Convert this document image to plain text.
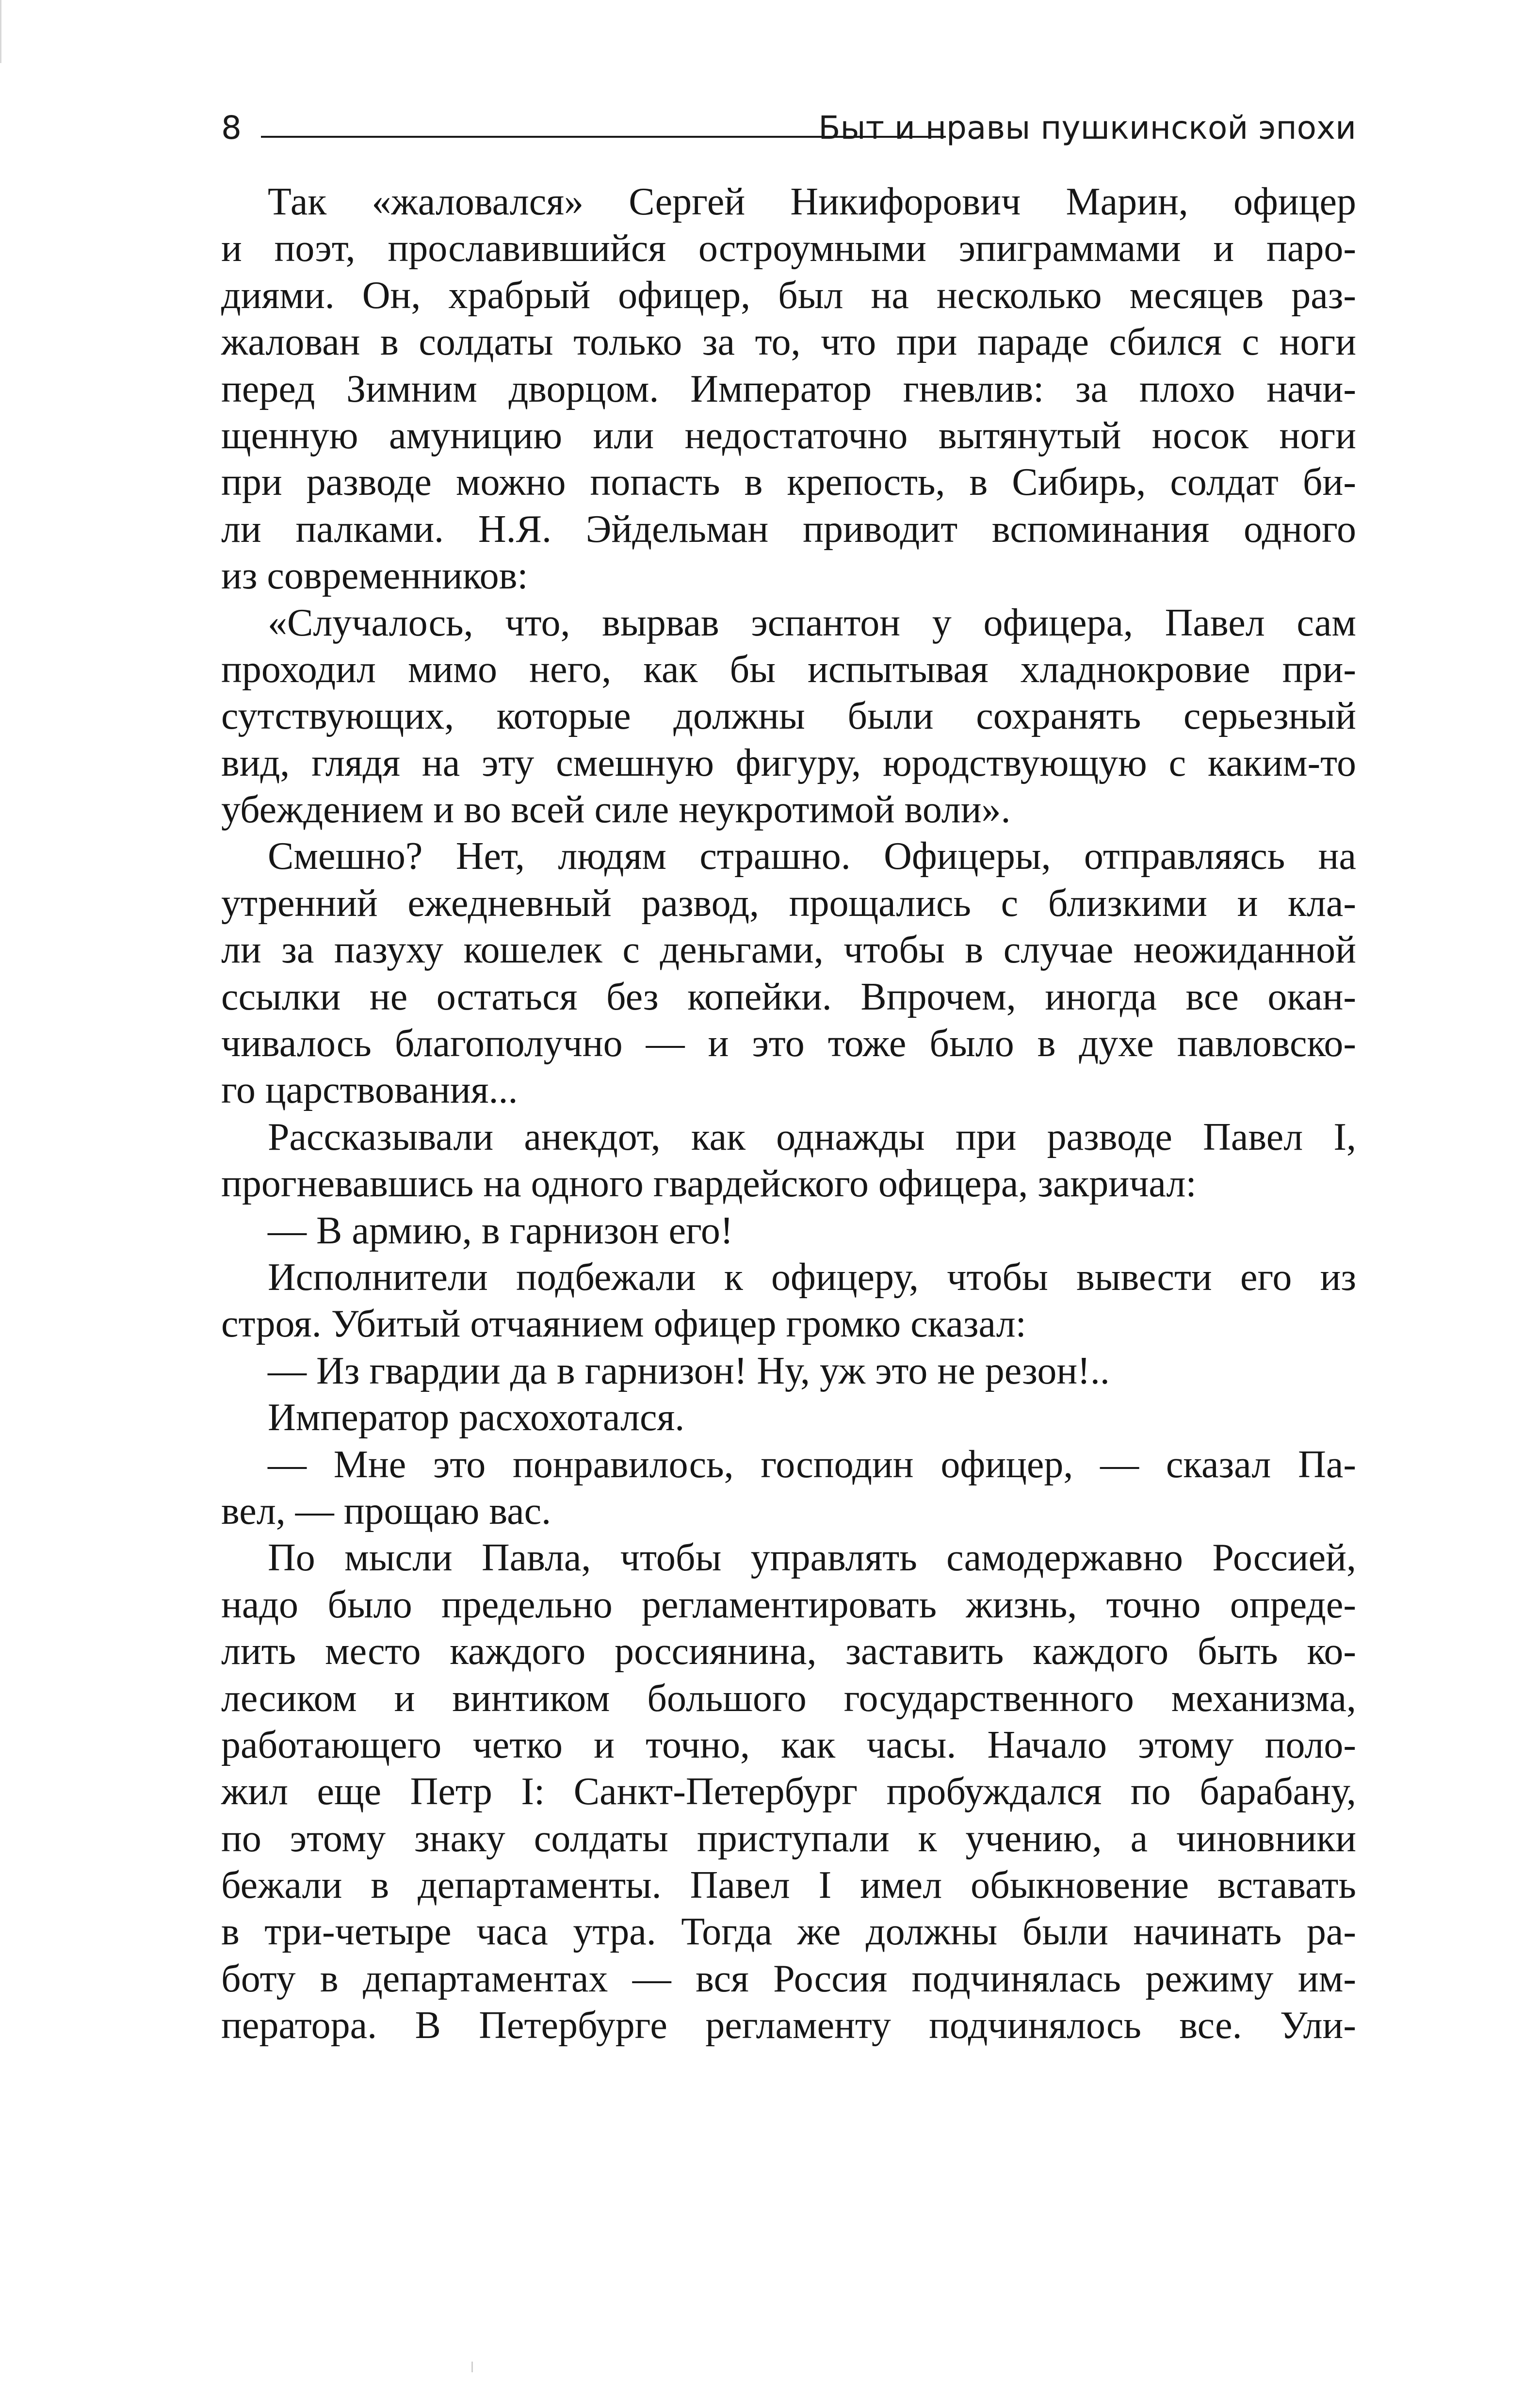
8	Быт и нравы пушкинской эпохи
Так «жаловался» Сергей Никифорович Марин, офицер
и поэт, прославившийся остроумными эпиграммами и паро-
диями. Он, храбрый офицер, был на несколько месяцев раз-
жалован в солдаты только за то, что при параде сбился с ноги
перед Зимним дворцом. Император гневлив: за плохо начи-
щенную амуницию или недостаточно вытянутый носок ноги
при разводе можно попасть в крепость, в Сибирь, солдат би-
ли палками. Н.Я. Эйдельман приводит вспоминания одного
из современников:
«Случалось, что, вырвав эспантон у офицера, Павел сам
проходил мимо него, как бы испытывая хладнокровие при-
сутствующих, которые должны были сохранять серьезный
вид, глядя на эту смешную фигуру, юродствующую с каким-то
убеждением и во всей силе неукротимой воли».
Смешно? Нет, людям страшно. Офицеры, отправляясь на
утренний ежедневный развод, прощались с близкими и кла-
ли за пазуху кошелек с деньгами, чтобы в случае неожиданной
ссылки не остаться без копейки. Впрочем, иногда все окан-
чивалось благополучно — и это тоже было в духе павловско-
го царствования...
Рассказывали анекдот, как однажды при разводе Павел I,
прогневавшись на одного гвардейского офицера, закричал:
— В армию, в гарнизон его!
Исполнители подбежали к офицеру, чтобы вывести его из
строя. Убитый отчаянием офицер громко сказал:
— Из гвардии да в гарнизон! Ну, уж это не резон!..
Император расхохотался.
— Мне это понравилось, господин офицер, — сказал Па-
вел, — прощаю вас.
По мысли Павла, чтобы управлять самодержавно Россией,
надо было предельно регламентировать жизнь, точно опреде-
лить место каждого россиянина, заставить каждого быть ко-
лесиком и винтиком большого государственного механизма,
работающего четко и точно, как часы. Начало этому поло-
жил еще Петр I: Санкт-Петербург пробуждался по барабану,
по этому знаку солдаты приступали к учению, а чиновники
бежали в департаменты. Павел I имел обыкновение вставать
в три-четыре часа утра. Тогда же должны были начинать ра-
боту в департаментах — вся Россия подчинялась режиму им-
ператора. В Петербурге регламенту подчинялось все. Ули-
